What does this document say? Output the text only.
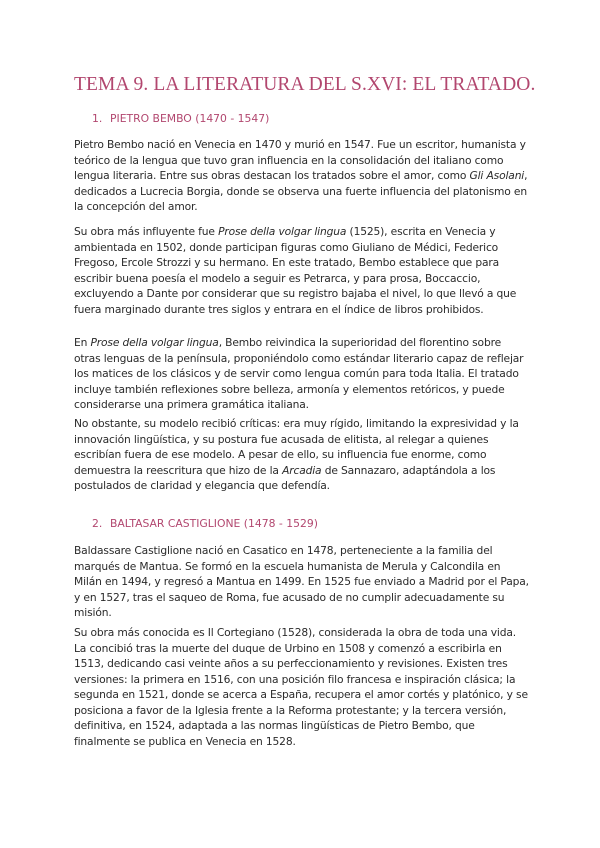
TEMA 9. LA LITERATURA DEL S.XVI: EL TRATADO.
1. PIETRO BEMBO (1470 - 1547)

Pietro Bembo nació en Venecia en 1470 y murió en 1547. Fue un escritor, humanista y teórico de la lengua que tuvo gran influencia en la consolidación del italiano como lengua literaria. Entre sus obras destacan los tratados sobre el amor, como Gli Asolani, dedicados a Lucrecia Borgia, donde se observa una fuerte influencia del platonismo en la concepción del amor.

Su obra más influyente fue Prose della volgar lingua (1525), escrita en Venecia y ambientada en 1502, donde participan figuras como Giuliano de Médici, Federico Fregoso, Ercole Strozzi y su hermano. En este tratado, Bembo establece que para escribir buena poesía el modelo a seguir es Petrarca, y para prosa, Boccaccio, excluyendo a Dante por considerar que su registro bajaba el nivel, lo que llevó a que fuera marginado durante tres siglos y entrara en el índice de libros prohibidos.

En Prose della volgar lingua, Bembo reivindica la superioridad del florentino sobre otras lenguas de la península, proponiéndolo como estándar literario capaz de reflejar los matices de los clásicos y de servir como lengua común para toda Italia. El tratado incluye también reflexiones sobre belleza, armonía y elementos retóricos, y puede considerarse una primera gramática italiana.

No obstante, su modelo recibió críticas: era muy rígido, limitando la expresividad y la innovación lingüística, y su postura fue acusada de elitista, al relegar a quienes escribían fuera de ese modelo. A pesar de ello, su influencia fue enorme, como demuestra la reescritura que hizo de la Arcadia de Sannazaro, adaptándola a los postulados de claridad y elegancia que defendía.

2. BALTASAR CASTIGLIONE (1478 - 1529)

Baldassare Castiglione nació en Casatico en 1478, perteneciente a la familia del marqués de Mantua. Se formó en la escuela humanista de Merula y Calcondila en Milán en 1494, y regresó a Mantua en 1499. En 1525 fue enviado a Madrid por el Papa, y en 1527, tras el saqueo de Roma, fue acusado de no cumplir adecuadamente su misión.

Su obra más conocida es Il Cortegiano (1528), considerada la obra de toda una vida. La concibió tras la muerte del duque de Urbino en 1508 y comenzó a escribirla en 1513, dedicando casi veinte años a su perfeccionamiento y revisiones. Existen tres versiones: la primera en 1516, con una posición filo francesa e inspiración clásica; la segunda en 1521, donde se acerca a España, recupera el amor cortés y platónico, y se posiciona a favor de la Iglesia frente a la Reforma protestante; y la tercera versión, definitiva, en 1524, adaptada a las normas lingüísticas de Pietro Bembo, que finalmente se publica en Venecia en 1528.
